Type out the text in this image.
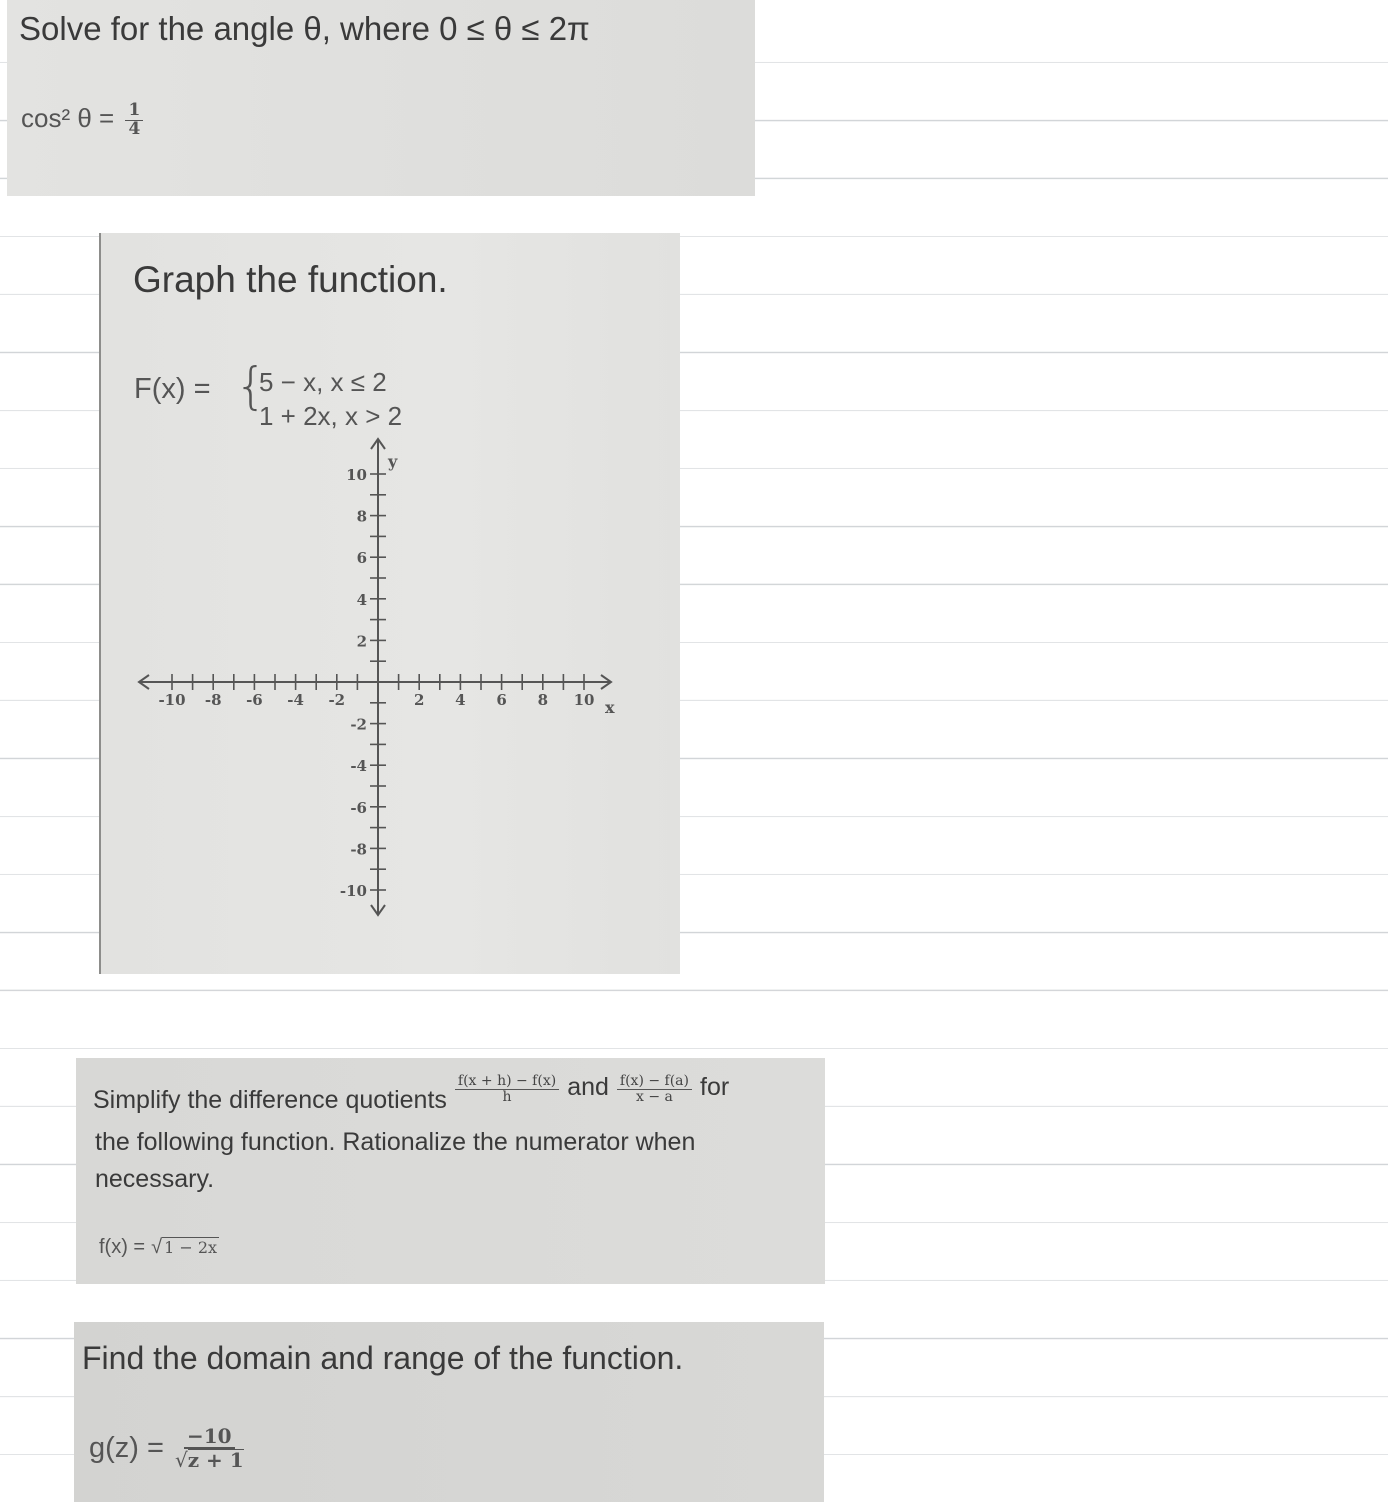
Solve for the angle θ, where 0 ≤ θ ≤ 2π
cos² $\theta = \frac{1}{4}$
Graph the function.
F(x) = {
5 − x, x ≤ 2
1 + 2x, x > 2
-10 -8 -6 -4 -2	2 4 6 8 10
10
8
6
4
2
-2
-4
-6
-8
-10
x
y
Simplify the difference quotients $\frac{f(x + h) - f(x)}{h}$ and $\frac{f(x) - f(a)}{x - a}$ for
the following function. Rationalize the numerator when
necessary.
f(x) = √ 1 − 2x
Find the domain and range of the function.
$g(z) = \frac{-10}{√ z + 1}$
